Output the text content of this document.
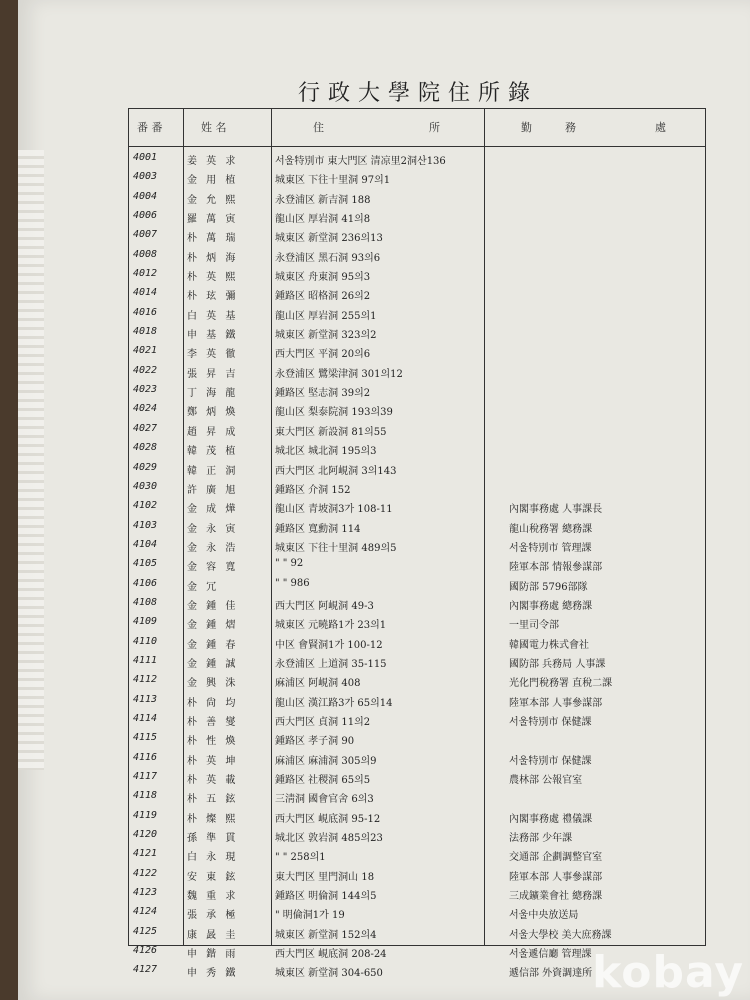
行政大學院住所錄
番 番	姓 名	住	所	勤	務	處
4001	姜 英 求	서울特別市 東大門区 清凉里2洞산136
4003	金 用 植	城東区 下往十里洞 97의1
4004	金 允 熙	永登浦区 新吉洞 188
4006	羅 萬 寅	龍山区 厚岩洞 41의8
4007	朴 萬 瑞	城東区 新堂洞 236의13
4008	朴 炳 海	永登浦区 黑石洞 93의6
4012	朴 英 熙	城東区 舟東洞 95의3
4014	朴 玹 彌	鍾路区 昭格洞 26의2
4016	白 英 基	龍山区 厚岩洞 255의1
4018	申 基 鐵	城東区 新堂洞 323의2
4021	李 英 徹	西大門区 平洞 20의6
4022	張 昇 吉	永登浦区 鷺梁津洞 301의12
4023	丁 海 龍	鍾路区 堅志洞 39의2
4024	鄭 炳 煥	龍山区 梨泰院洞 193의39
4027	趙 昇 成	東大門区 新設洞 81의55
4028	韓 茂 植	城北区 城北洞 195의3
4029	韓 正 洞	西大門区 北阿峴洞 3의143
4030	許 廣 旭	鍾路区 介洞 152
4102	金 成 燁	龍山区 青坡洞3가 108-11	內閣事務處 人事課長
4103	金 永 寅	鍾路区 寬勳洞 114	龍山稅務署 總務課
4104	金 永 浩	城東区 下往十里洞 489의5	서울特別市 管理課
4105	金 容 寬	" " 92	陸軍本部 情報參謀部
4106	金 冗	" " 986	國防部 5796部隊
4108	金 鍾 佳	西大門区 阿峴洞 49-3	內閣事務處 總務課
4109	金 鍾 熠	城東区 元曉路1가 23의1	一里司令部
4110	金 鍾 春	中区 會賢洞1가 100-12	韓國電力株式會社
4111	金 鍾 誠	永登浦区 上道洞 35-115	國防部 兵務局 人事課
4112	金 興 洙	麻浦区 阿峴洞 408	光化門稅務署 直稅二課
4113	朴 尙 均	龍山区 漢江路3가 65의14	陸軍本部 人事參謀部
4114	朴 善 燮	西大門区 貞洞 11의2	서울特別市 保健課
4115	朴 性 煥	鍾路区 孝子洞 90
4116	朴 英 坤	麻浦区 麻浦洞 305의9	서울特別市 保健課
4117	朴 英 載	鍾路区 社稷洞 65의5	農林部 公報官室
4118	朴 五 鉉	三淸洞 國會官舍 6의3
4119	朴 燦 熙	西大門区 峴底洞 95-12	內閣事務處 禮儀課
4120	孫 準 貫	城北区 敦岩洞 485의23	法務部 少年課
4121	白 永 現	" " 258의1	交通部 企劃調整官室
4122	安 東 鉉	東大門区 里門洞山 18	陸軍本部 人事參謀部
4123	魏 重 求	鍾路区 明倫洞 144의5	三成鑛業會社 總務課
4124	張 承 極	" 明倫洞1가 19	서울中央放送局
4125	康 晸 圭	城東区 新堂洞 152의4	서울大學校 美大庶務課
4126	申 鍇 雨	西大門区 峴底洞 208-24	서울遞信廳 管理課
4127	申 秀 鐵	城東区 新堂洞 304-650	遞信部 外資調達所 kobay
